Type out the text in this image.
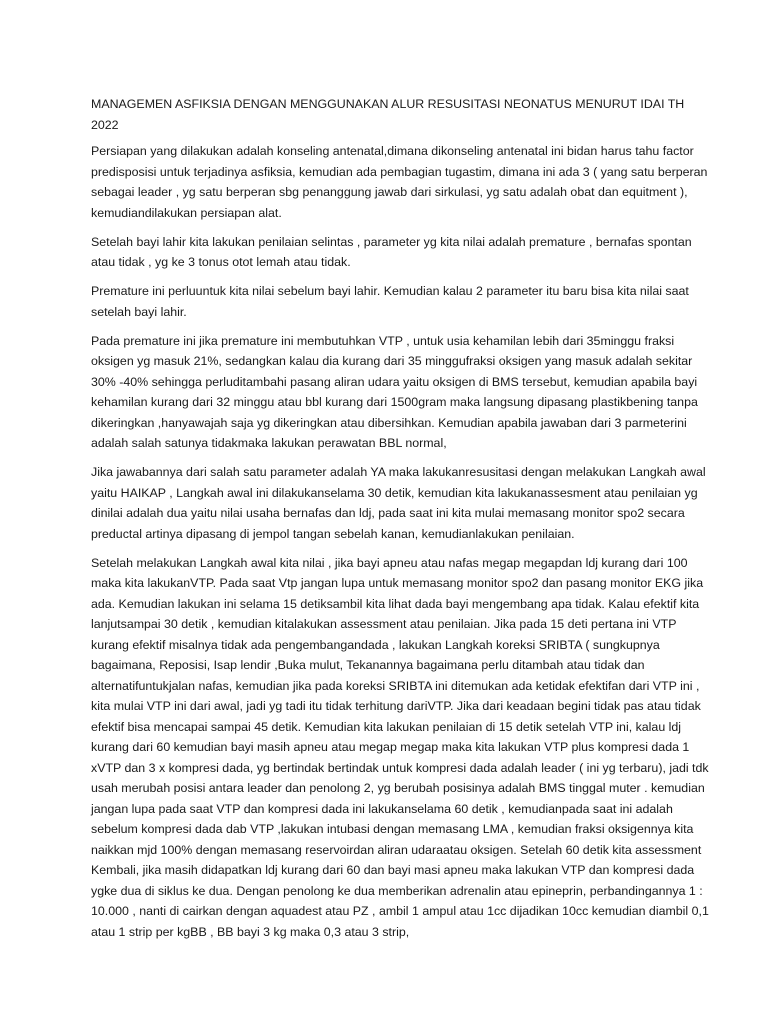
MANAGEMEN ASFIKSIA DENGAN MENGGUNAKAN ALUR RESUSITASI NEONATUS MENURUT IDAI TH 2022

Persiapan yang dilakukan adalah konseling antenatal,dimana dikonseling antenatal ini bidan harus tahu factor predisposisi untuk terjadinya asfiksia, kemudian ada pembagian tugastim, dimana ini ada 3 ( yang satu berperan sebagai leader , yg satu berperan sbg penanggung jawab dari sirkulasi, yg satu adalah obat dan equitment ), kemudiandilakukan persiapan alat.

Setelah bayi lahir kita lakukan penilaian selintas , parameter yg kita nilai adalah premature , bernafas spontan atau tidak , yg ke 3 tonus otot lemah atau tidak.

Premature ini perluuntuk kita nilai sebelum bayi lahir. Kemudian kalau 2 parameter itu baru bisa kita nilai saat setelah bayi lahir.

Pada premature ini jika premature ini membutuhkan VTP , untuk usia kehamilan lebih dari 35minggu fraksi oksigen yg masuk 21%, sedangkan kalau dia kurang dari 35 minggufraksi oksigen yang masuk adalah sekitar 30% -40% sehingga perluditambahi pasang aliran udara yaitu oksigen di BMS tersebut, kemudian apabila bayi kehamilan kurang dari 32 minggu atau bbl kurang dari 1500gram maka langsung dipasang plastikbening tanpa dikeringkan ,hanyawajah saja yg dikeringkan atau dibersihkan. Kemudian apabila jawaban dari 3 parmeterini adalah salah satunya tidakmaka lakukan perawatan BBL normal,

Jika jawabannya dari salah satu parameter adalah YA maka lakukanresusitasi dengan melakukan Langkah awal yaitu HAIKAP , Langkah awal ini dilakukanselama 30 detik, kemudian kita lakukanassesment atau penilaian yg dinilai adalah dua yaitu nilai usaha bernafas dan ldj, pada saat ini kita mulai memasang monitor spo2 secara preductal artinya dipasang di jempol tangan sebelah kanan, kemudianlakukan penilaian.

Setelah melakukan Langkah awal kita nilai , jika bayi apneu atau nafas megap megapdan ldj kurang dari 100 maka kita lakukanVTP. Pada saat Vtp jangan lupa untuk memasang monitor spo2 dan pasang monitor EKG jika ada. Kemudian lakukan ini selama 15 detiksambil kita lihat dada bayi mengembang apa tidak. Kalau efektif kita lanjutsampai 30 detik , kemudian kitalakukan assessment atau penilaian. Jika pada 15 deti pertana ini VTP kurang efektif misalnya tidak ada pengembangandada , lakukan Langkah koreksi SRIBTA ( sungkupnya bagaimana, Reposisi, Isap lendir ,Buka mulut, Tekanannya bagaimana perlu ditambah atau tidak dan alternatifuntukjalan nafas, kemudian jika pada koreksi SRIBTA ini ditemukan ada ketidak efektifan dari VTP ini , kita mulai VTP ini dari awal, jadi yg tadi itu tidak terhitung dariVTP. Jika dari keadaan begini tidak pas atau tidak efektif bisa mencapai sampai 45 detik. Kemudian kita lakukan penilaian di 15 detik setelah VTP ini, kalau ldj kurang dari 60 kemudian bayi masih apneu atau megap megap maka kita lakukan VTP plus kompresi dada 1 xVTP dan 3 x kompresi dada, yg bertindak bertindak untuk kompresi dada adalah leader ( ini yg terbaru), jadi tdk usah merubah posisi antara leader dan penolong 2, yg berubah posisinya adalah BMS tinggal muter . kemudian jangan lupa pada saat VTP dan kompresi dada ini lakukanselama 60 detik , kemudianpada saat ini adalah sebelum kompresi dada dab VTP ,lakukan intubasi dengan memasang LMA , kemudian fraksi oksigennya kita naikkan mjd 100% dengan memasang reservoirdan aliran udaraatau oksigen. Setelah 60 detik kita assessment Kembali, jika masih didapatkan ldj kurang dari 60 dan bayi masi apneu maka lakukan VTP dan kompresi dada ygke dua di siklus ke dua. Dengan penolong ke dua memberikan adrenalin atau epineprin, perbandingannya 1 : 10.000 , nanti di cairkan dengan aquadest atau PZ , ambil 1 ampul atau 1cc dijadikan 10cc kemudian diambil 0,1 atau 1 strip per kgBB , BB bayi 3 kg maka 0,3 atau 3 strip,
